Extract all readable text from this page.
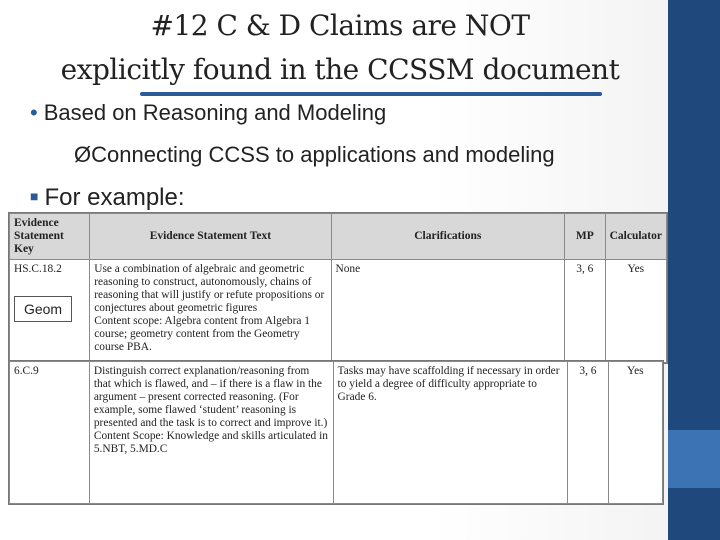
#12 C & D Claims are NOT
explicitly found in the CCSSM document
• Based on Reasoning and Modeling
ØConnecting CCSS to applications and modeling
■ For example:
Evidence Statement Key	Evidence Statement Text	Clarifications	MP	Calculator
HS.C.18.2	Use a combination of algebraic and geometric reasoning to construct, autonomously, chains of reasoning that will justify or refute propositions or conjectures about geometric figures
Content scope: Algebra content from Algebra 1 course; geometry content from the Geometry course PBA.	None	3, 6	Yes
Geom
6.C.9	Distinguish correct explanation/reasoning from that which is flawed, and – if there is a flaw in the argument – present corrected reasoning. (For example, some flawed ‘student’ reasoning is presented and the task is to correct and improve it.)
Content Scope: Knowledge and skills articulated in 5.NBT, 5.MD.C	Tasks may have scaffolding if necessary in order to yield a degree of difficulty appropriate to Grade 6.	3, 6	Yes
